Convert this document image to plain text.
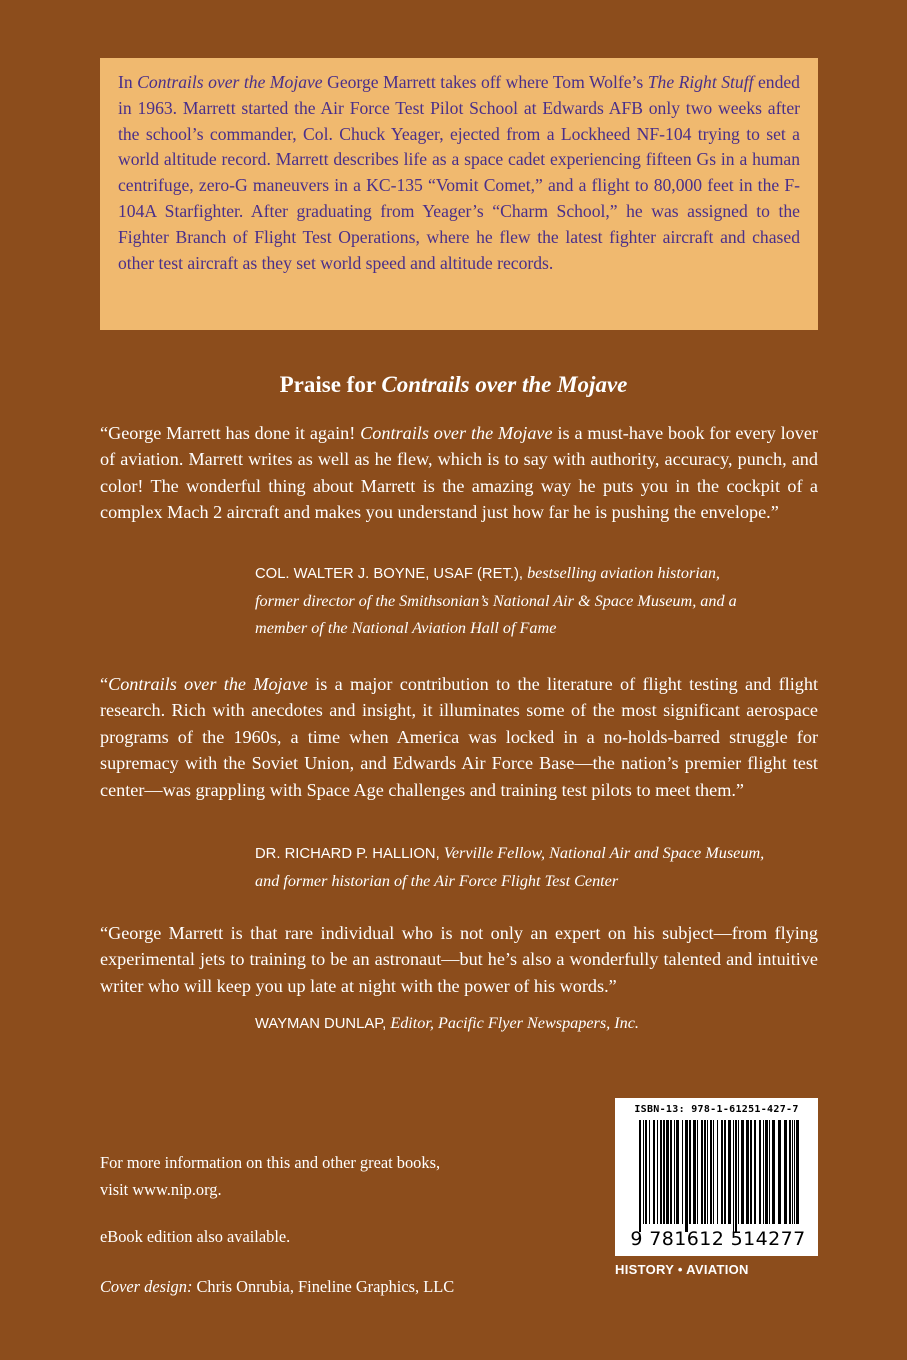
In Contrails over the Mojave George Marrett takes off where Tom Wolfe’s The Right Stuff ended in 1963. Marrett started the Air Force Test Pilot School at Edwards AFB only two weeks after the school’s commander, Col. Chuck Yeager, ejected from a Lockheed NF-104 trying to set a world altitude record. Marrett describes life as a space cadet experiencing fifteen Gs in a human centrifuge, zero-G maneuvers in a KC-135 “Vomit Comet,” and a flight to 80,000 feet in the F-104A Starfighter. After graduating from Yeager’s “Charm School,” he was assigned to the Fighter Branch of Flight Test Operations, where he flew the latest fighter aircraft and chased other test aircraft as they set world speed and altitude records.
Praise for Contrails over the Mojave

“George Marrett has done it again! Contrails over the Mojave is a must-have book for every lover of aviation. Marrett writes as well as he flew, which is to say with authority, accuracy, punch, and color! The wonderful thing about Marrett is the amazing way he puts you in the cockpit of a complex Mach 2 aircraft and makes you understand just how far he is pushing the envelope.”

COL. WALTER J. BOYNE, USAF (RET.), bestselling aviation historian,
former director of the Smithsonian’s National Air & Space Museum, and a
member of the National Aviation Hall of Fame

“Contrails over the Mojave is a major contribution to the literature of flight testing and flight research. Rich with anecdotes and insight, it illuminates some of the most significant aerospace programs of the 1960s, a time when America was locked in a no-holds-barred struggle for supremacy with the Soviet Union, and Edwards Air Force Base—the nation’s premier flight test center—was grappling with Space Age challenges and training test pilots to meet them.”

DR. RICHARD P. HALLION, Verville Fellow, National Air and Space Museum,
and former historian of the Air Force Flight Test Center

“George Marrett is that rare individual who is not only an expert on his subject—from flying experimental jets to training to be an astronaut—but he’s also a wonderfully talented and intuitive writer who will keep you up late at night with the power of his words.”

WAYMAN DUNLAP, Editor, Pacific Flyer Newspapers, Inc.
For more information on this and other great books,
visit www.nip.org.
eBook edition also available.
Cover design: Chris Onrubia, Fineline Graphics, LLC
ISBN-13: 978-1-61251-427-7
9 781612 514277
HISTORY • AVIATION
